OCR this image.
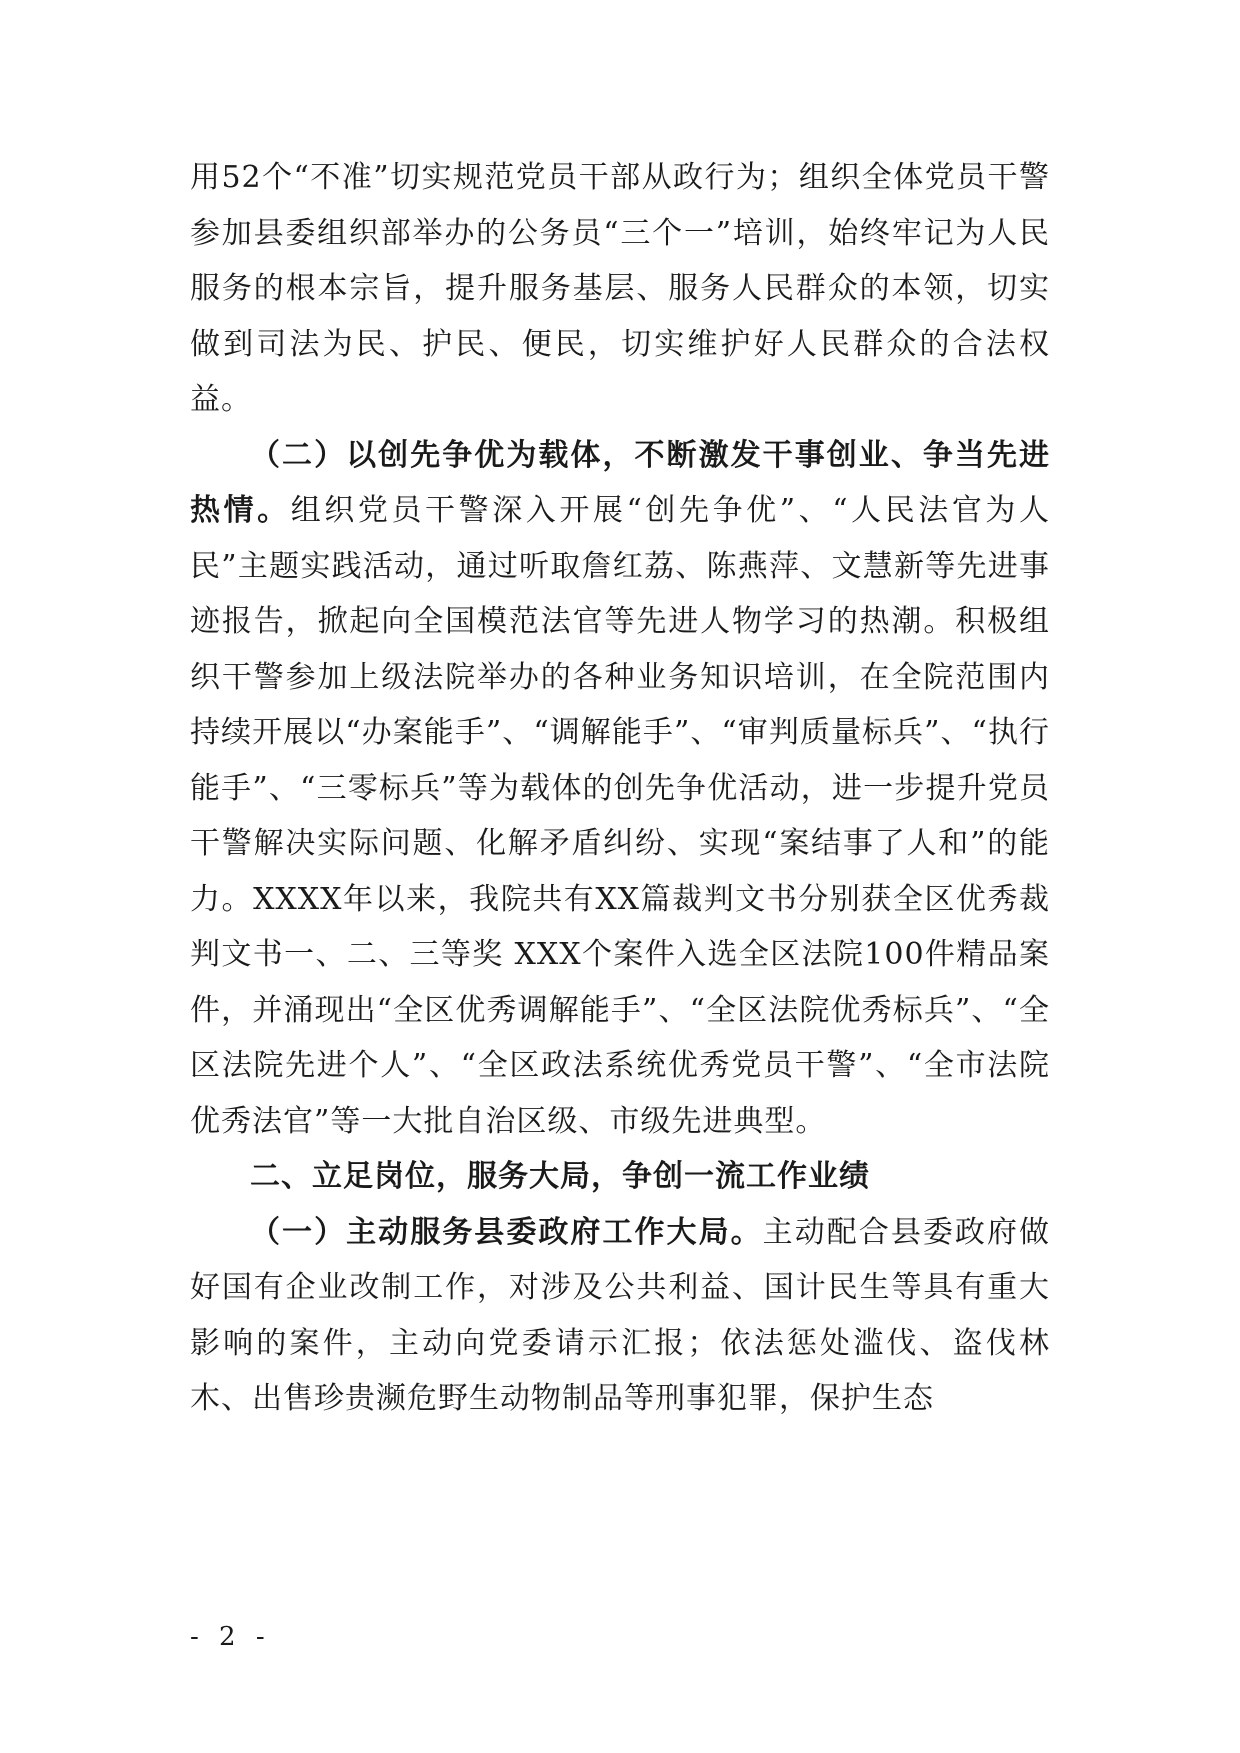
用52个“不准”切实规范党员干部从政行为；组织全体党员干警参加县委组织部举办的公务员“三个一”培训，始终牢记为人民服务的根本宗旨，提升服务基层、服务人民群众的本领，切实做到司法为民、护民、便民，切实维护好人民群众的合法权益。

（二）以创先争优为载体，不断激发干事创业、争当先进热情。组织党员干警深入开展“创先争优”、“人民法官为人民”主题实践活动，通过听取詹红荔、陈燕萍、文慧新等先进事迹报告，掀起向全国模范法官等先进人物学习的热潮。积极组织干警参加上级法院举办的各种业务知识培训，在全院范围内持续开展以“办案能手”、“调解能手”、“审判质量标兵”、“执行能手”、“三零标兵”等为载体的创先争优活动，进一步提升党员干警解决实际问题、化解矛盾纠纷、实现“案结事了人和”的能力。XXXX年以来，我院共有XX篇裁判文书分别获全区优秀裁判文书一、二、三等奖 XXX个案件入选全区法院100件精品案件，并涌现出“全区优秀调解能手”、“全区法院优秀标兵”、“全区法院先进个人”、“全区政法系统优秀党员干警”、“全市法院优秀法官”等一大批自治区级、市级先进典型。

二、立足岗位，服务大局，争创一流工作业绩

（一）主动服务县委政府工作大局。主动配合县委政府做好国有企业改制工作，对涉及公共利益、国计民生等具有重大影响的案件，主动向党委请示汇报；依法惩处滥伐、盗伐林木、出售珍贵濒危野生动物制品等刑事犯罪，保护生态

- 2 -
